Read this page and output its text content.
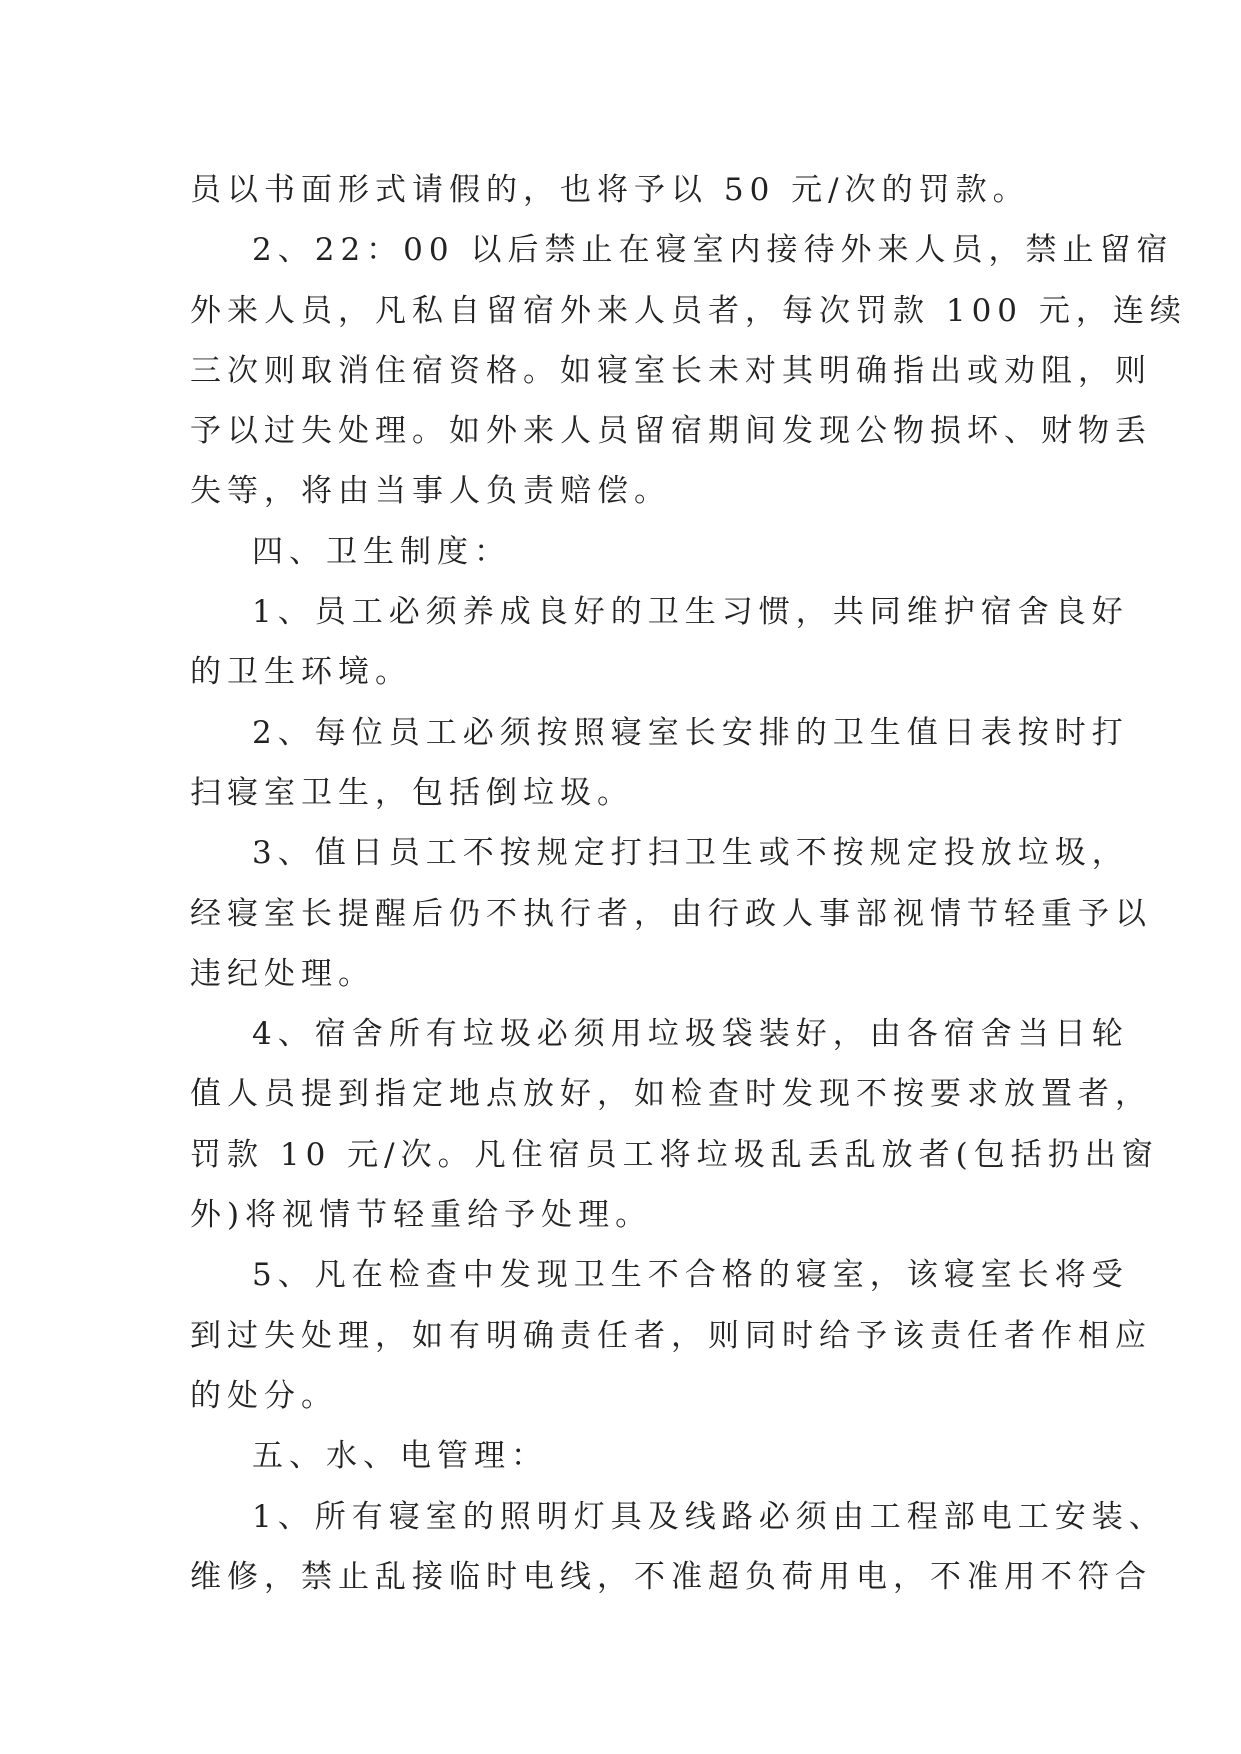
员以书面形式请假的，也将予以 50 元/次的罚款。
2、22：00 以后禁止在寝室内接待外来人员，禁止留宿
外来人员，凡私自留宿外来人员者，每次罚款 100 元，连续
三次则取消住宿资格。如寝室长未对其明确指出或劝阻，则
予以过失处理。如外来人员留宿期间发现公物损坏、财物丢
失等，将由当事人负责赔偿。
四、卫生制度：
1、员工必须养成良好的卫生习惯，共同维护宿舍良好
的卫生环境。
2、每位员工必须按照寝室长安排的卫生值日表按时打
扫寝室卫生，包括倒垃圾。
3、值日员工不按规定打扫卫生或不按规定投放垃圾，
经寝室长提醒后仍不执行者，由行政人事部视情节轻重予以
违纪处理。
4、宿舍所有垃圾必须用垃圾袋装好，由各宿舍当日轮
值人员提到指定地点放好，如检查时发现不按要求放置者，
罚款 10 元/次。凡住宿员工将垃圾乱丢乱放者(包括扔出窗
外)将视情节轻重给予处理。
5、凡在检查中发现卫生不合格的寝室，该寝室长将受
到过失处理，如有明确责任者，则同时给予该责任者作相应
的处分。
五、水、电管理：
1、所有寝室的照明灯具及线路必须由工程部电工安装、
维修，禁止乱接临时电线，不准超负荷用电，不准用不符合
